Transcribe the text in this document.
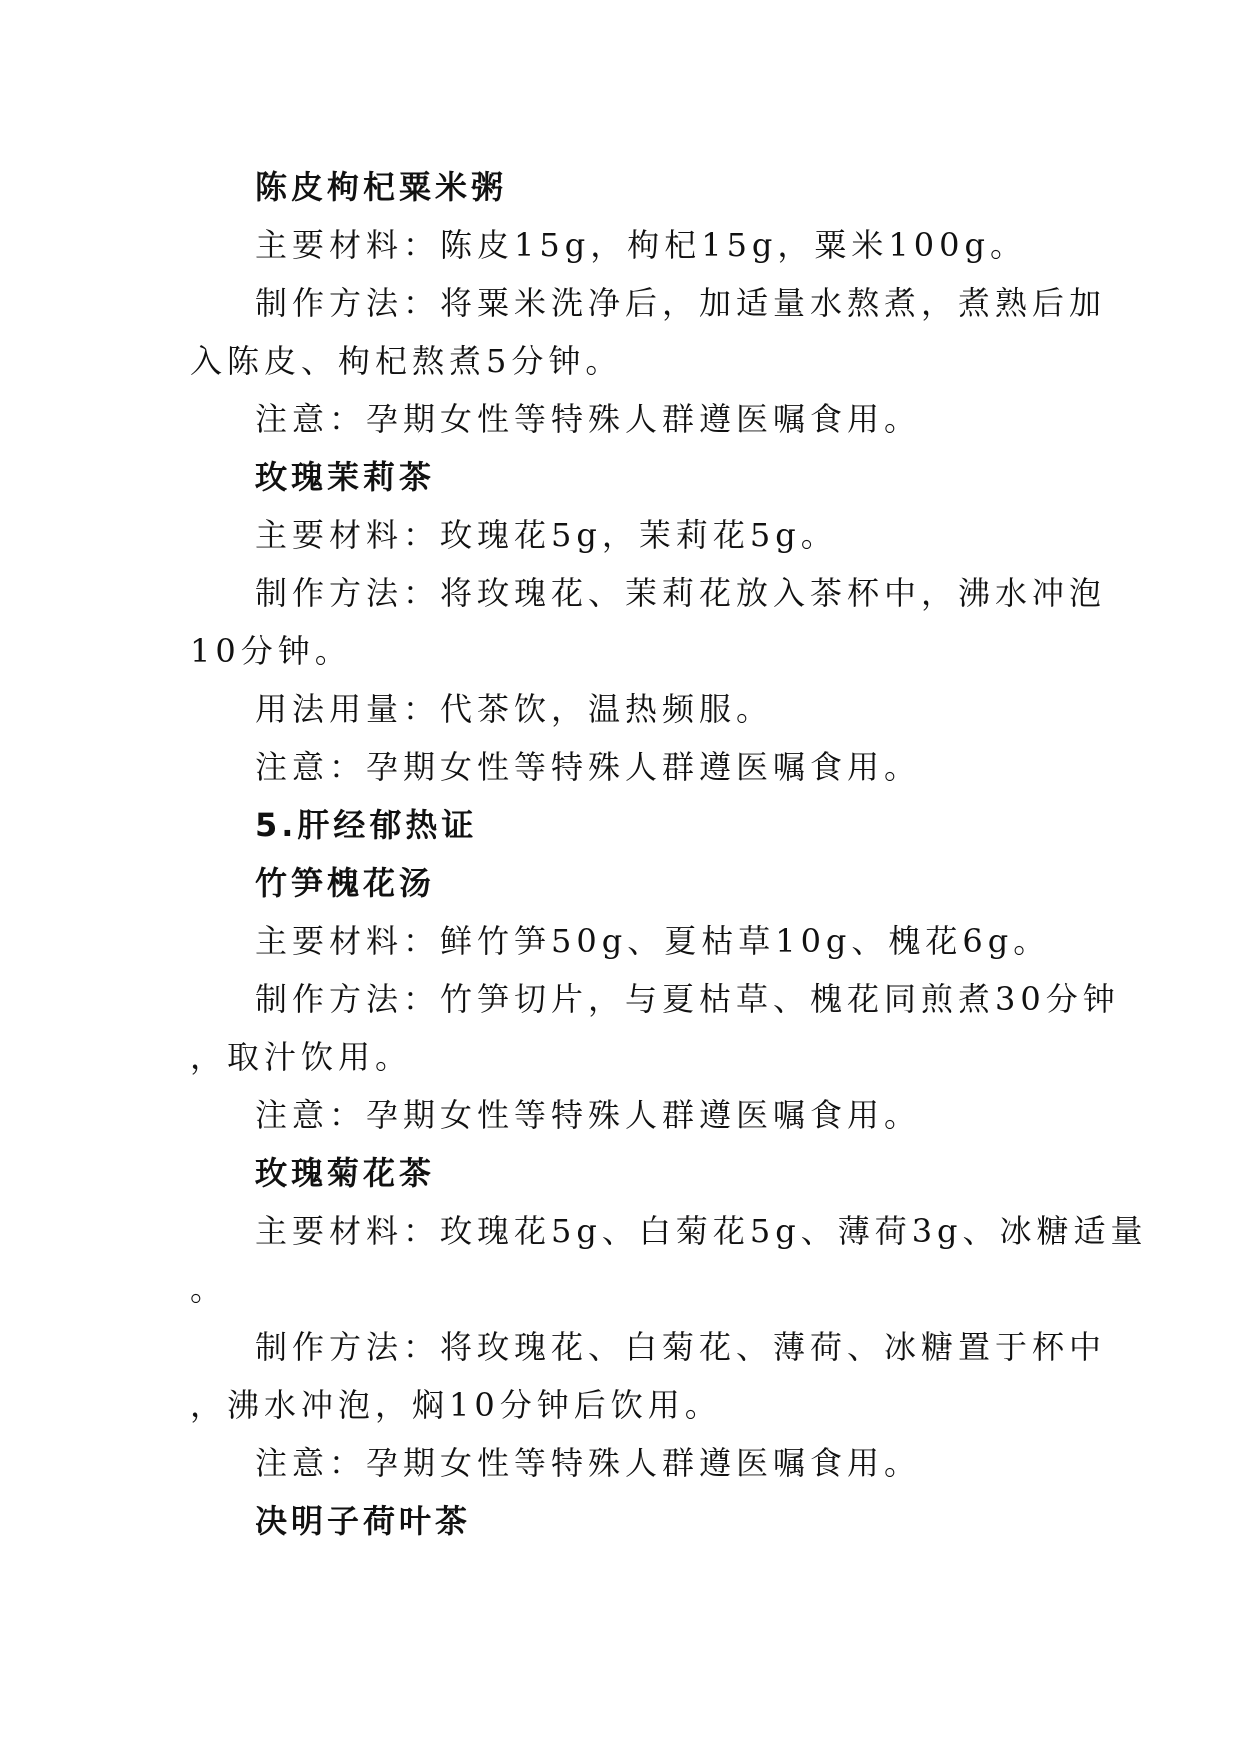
陈皮枸杞粟米粥
主要材料：陈皮15g，枸杞15g，粟米100g。
制作方法：将粟米洗净后，加适量水熬煮，煮熟后加
入陈皮、枸杞熬煮5分钟。
注意：孕期女性等特殊人群遵医嘱食用。
玫瑰茉莉茶
主要材料：玫瑰花5g，茉莉花5g。
制作方法：将玫瑰花、茉莉花放入茶杯中，沸水冲泡
10分钟。
用法用量：代茶饮，温热频服。
注意：孕期女性等特殊人群遵医嘱食用。
5.肝经郁热证
竹笋槐花汤
主要材料：鲜竹笋50g、夏枯草10g、槐花6g。
制作方法：竹笋切片，与夏枯草、槐花同煎煮30分钟
，取汁饮用。
注意：孕期女性等特殊人群遵医嘱食用。
玫瑰菊花茶
主要材料：玫瑰花5g、白菊花5g、薄荷3g、冰糖适量
。
制作方法：将玫瑰花、白菊花、薄荷、冰糖置于杯中
，沸水冲泡，焖10分钟后饮用。
注意：孕期女性等特殊人群遵医嘱食用。
决明子荷叶茶
